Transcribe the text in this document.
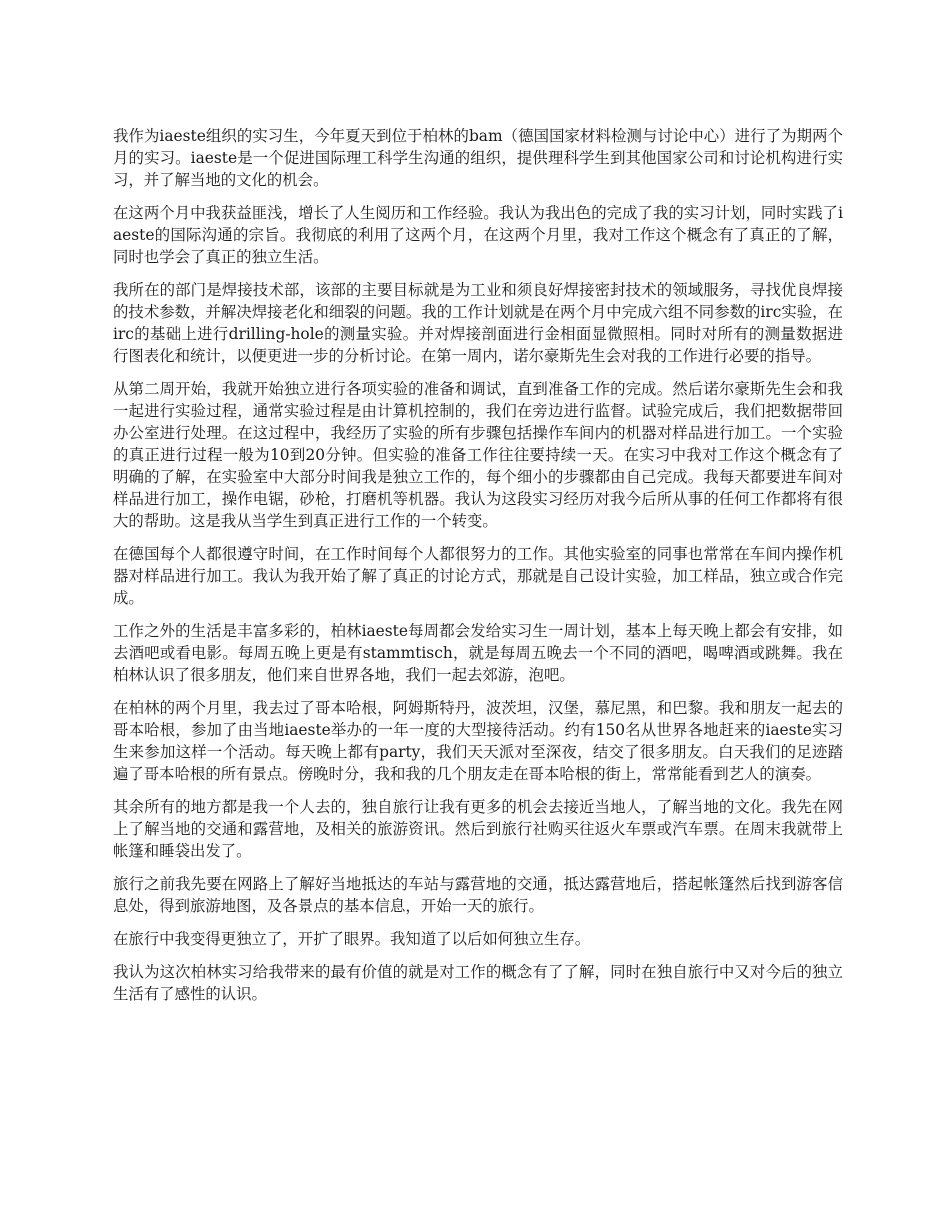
我作为iaeste组织的实习生，今年夏天到位于柏林的bam（德国国家材料检测与讨论中心）进行了为期两个月的实习。iaeste是一个促进国际理工科学生沟通的组织，提供理科学生到其他国家公司和讨论机构进行实习，并了解当地的文化的机会。

在这两个月中我获益匪浅，增长了人生阅历和工作经验。我认为我出色的完成了我的实习计划，同时实践了iaeste的国际沟通的宗旨。我彻底的利用了这两个月，在这两个月里，我对工作这个概念有了真正的了解，同时也学会了真正的独立生活。

我所在的部门是焊接技术部，该部的主要目标就是为工业和须良好焊接密封技术的领域服务，寻找优良焊接的技术参数，并解决焊接老化和细裂的问题。我的工作计划就是在两个月中完成六组不同参数的irc实验，在irc的基础上进行drilling-hole的测量实验。并对焊接剖面进行金相面显微照相。同时对所有的测量数据进行图表化和统计，以便更进一步的分析讨论。在第一周内，诺尔豪斯先生会对我的工作进行必要的指导。

从第二周开始，我就开始独立进行各项实验的准备和调试，直到准备工作的完成。然后诺尔豪斯先生会和我一起进行实验过程，通常实验过程是由计算机控制的，我们在旁边进行监督。试验完成后，我们把数据带回办公室进行处理。在这过程中，我经历了实验的所有步骤包括操作车间内的机器对样品进行加工。一个实验的真正进行过程一般为10到20分钟。但实验的准备工作往往要持续一天。在实习中我对工作这个概念有了明确的了解，在实验室中大部分时间我是独立工作的，每个细小的步骤都由自己完成。我每天都要进车间对样品进行加工，操作电锯，砂枪，打磨机等机器。我认为这段实习经历对我今后所从事的任何工作都将有很大的帮助。这是我从当学生到真正进行工作的一个转变。

在德国每个人都很遵守时间，在工作时间每个人都很努力的工作。其他实验室的同事也常常在车间内操作机器对样品进行加工。我认为我开始了解了真正的讨论方式，那就是自己设计实验，加工样品，独立或合作完成。

工作之外的生活是丰富多彩的，柏林iaeste每周都会发给实习生一周计划，基本上每天晚上都会有安排，如去酒吧或看电影。每周五晚上更是有stammtisch，就是每周五晚去一个不同的酒吧，喝啤酒或跳舞。我在柏林认识了很多朋友，他们来自世界各地，我们一起去郊游，泡吧。

在柏林的两个月里，我去过了哥本哈根，阿姆斯特丹，波茨坦，汉堡，慕尼黑，和巴黎。我和朋友一起去的哥本哈根，参加了由当地iaeste举办的一年一度的大型接待活动。约有150名从世界各地赶来的iaeste实习生来参加这样一个活动。每天晚上都有party，我们天天派对至深夜，结交了很多朋友。白天我们的足迹踏遍了哥本哈根的所有景点。傍晚时分，我和我的几个朋友走在哥本哈根的街上，常常能看到艺人的演奏。

其余所有的地方都是我一个人去的，独自旅行让我有更多的机会去接近当地人，了解当地的文化。我先在网上了解当地的交通和露营地，及相关的旅游资讯。然后到旅行社购买往返火车票或汽车票。在周末我就带上帐篷和睡袋出发了。

旅行之前我先要在网路上了解好当地抵达的车站与露营地的交通，抵达露营地后，搭起帐篷然后找到游客信息处，得到旅游地图，及各景点的基本信息，开始一天的旅行。

在旅行中我变得更独立了，开扩了眼界。我知道了以后如何独立生存。

我认为这次柏林实习给我带来的最有价值的就是对工作的概念有了了解，同时在独自旅行中又对今后的独立生活有了感性的认识。
